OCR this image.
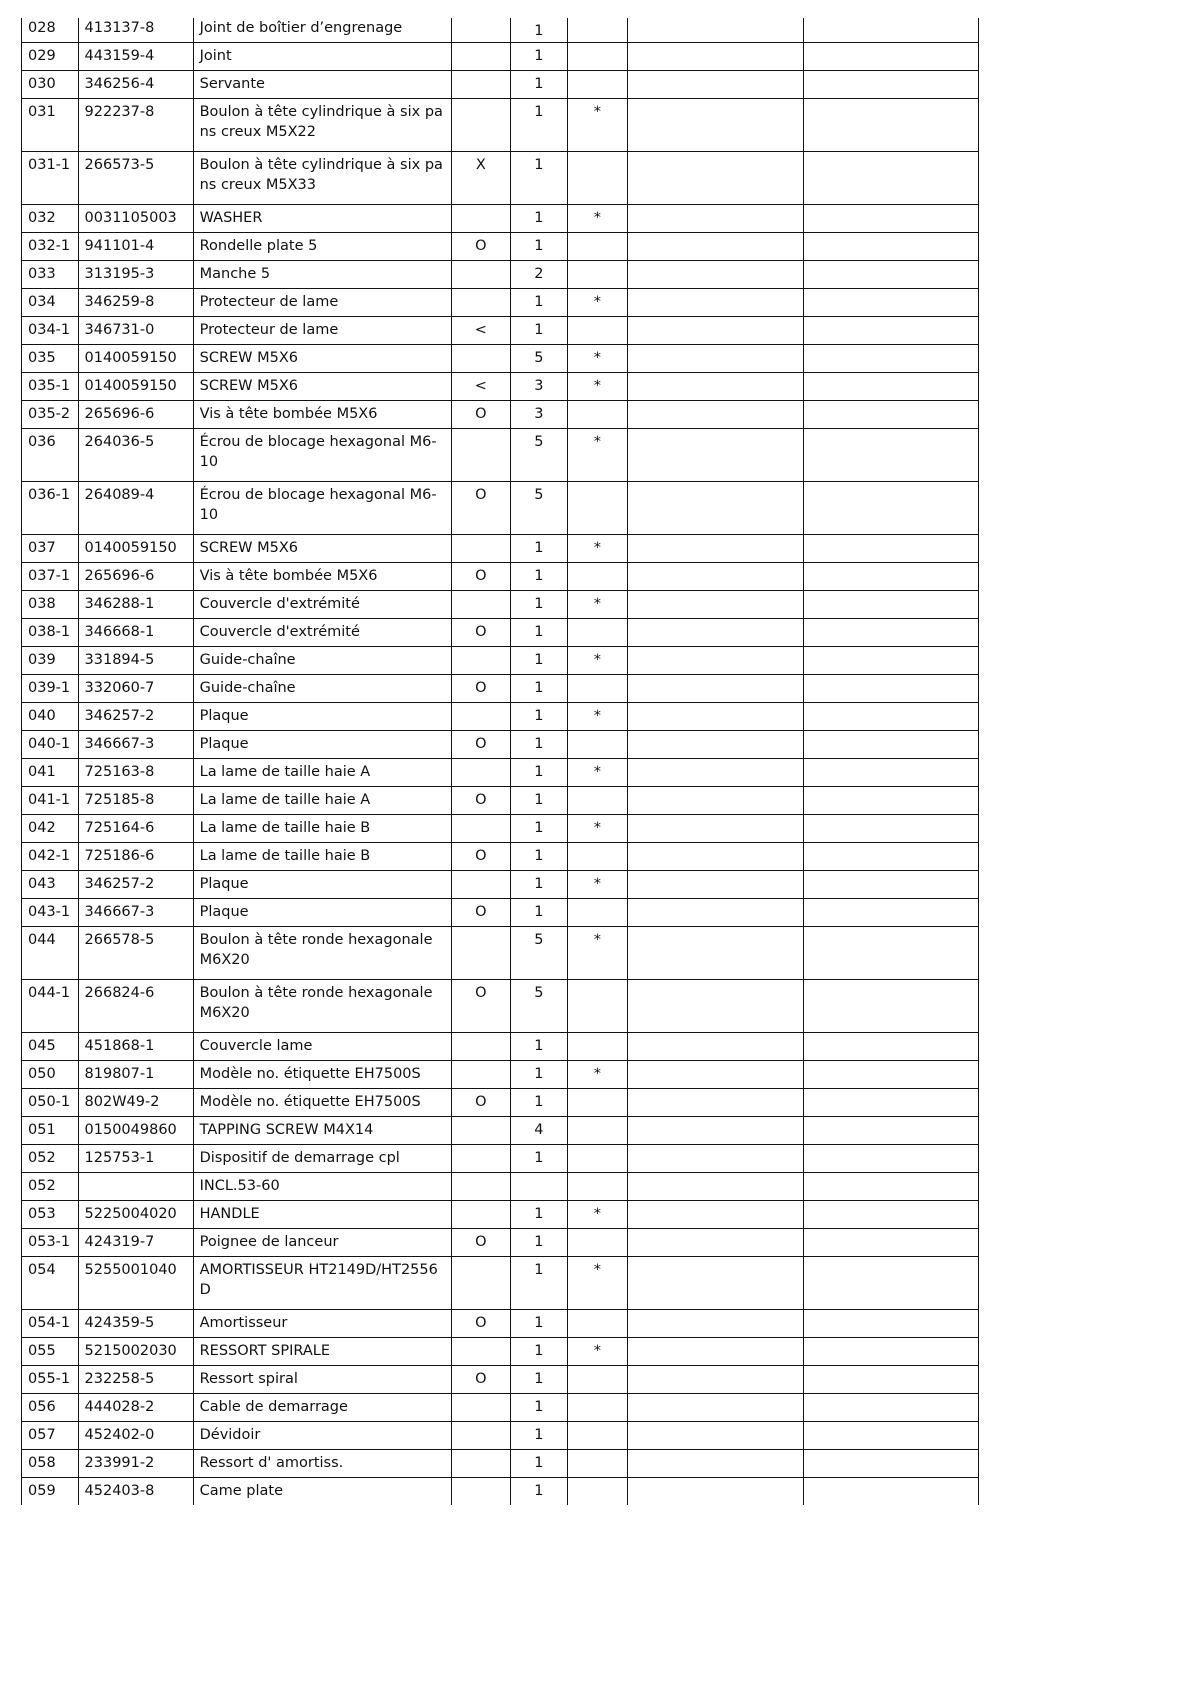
028	413137-8	Joint de boîtier d’engrenage		1			
029	443159-4	Joint		1			
030	346256-4	Servante		1			
031	922237-8	Boulon à tête cylindrique à six pans creux M5X22		1	*		
031-1	266573-5	Boulon à tête cylindrique à six pans creux M5X33	X	1			
032	0031105003	WASHER		1	*		
032-1	941101-4	Rondelle plate 5	O	1			
033	313195-3	Manche 5		2			
034	346259-8	Protecteur de lame		1	*		
034-1	346731-0	Protecteur de lame	<	1			
035	0140059150	SCREW M5X6		5	*		
035-1	0140059150	SCREW M5X6	<	3	*		
035-2	265696-6	Vis à tête bombée M5X6	O	3			
036	264036-5	Écrou de blocage hexagonal M6-10		5	*		
036-1	264089-4	Écrou de blocage hexagonal M6-10	O	5			
037	0140059150	SCREW M5X6		1	*		
037-1	265696-6	Vis à tête bombée M5X6	O	1			
038	346288-1	Couvercle d'extrémité		1	*		
038-1	346668-1	Couvercle d'extrémité	O	1			
039	331894-5	Guide-chaîne		1	*		
039-1	332060-7	Guide-chaîne	O	1			
040	346257-2	Plaque		1	*		
040-1	346667-3	Plaque	O	1			
041	725163-8	La lame de taille haie A		1	*		
041-1	725185-8	La lame de taille haie A	O	1			
042	725164-6	La lame de taille haie B		1	*		
042-1	725186-6	La lame de taille haie B	O	1			
043	346257-2	Plaque		1	*		
043-1	346667-3	Plaque	O	1			
044	266578-5	Boulon à tête ronde hexagonale M6X20		5	*		
044-1	266824-6	Boulon à tête ronde hexagonale M6X20	O	5			
045	451868-1	Couvercle lame		1			
050	819807-1	Modèle no. étiquette EH7500S		1	*		
050-1	802W49-2	Modèle no. étiquette EH7500S	O	1			
051	0150049860	TAPPING SCREW M4X14		4			
052	125753-1	Dispositif de demarrage cpl		1			
052		INCL.53-60					
053	5225004020	HANDLE		1	*		
053-1	424319-7	Poignee de lanceur	O	1			
054	5255001040	AMORTISSEUR HT2149D/HT2556D		1	*		
054-1	424359-5	Amortisseur	O	1			
055	5215002030	RESSORT SPIRALE		1	*		
055-1	232258-5	Ressort spiral	O	1			
056	444028-2	Cable de demarrage		1			
057	452402-0	Dévidoir		1			
058	233991-2	Ressort d' amortiss.		1			
059	452403-8	Came plate		1			
